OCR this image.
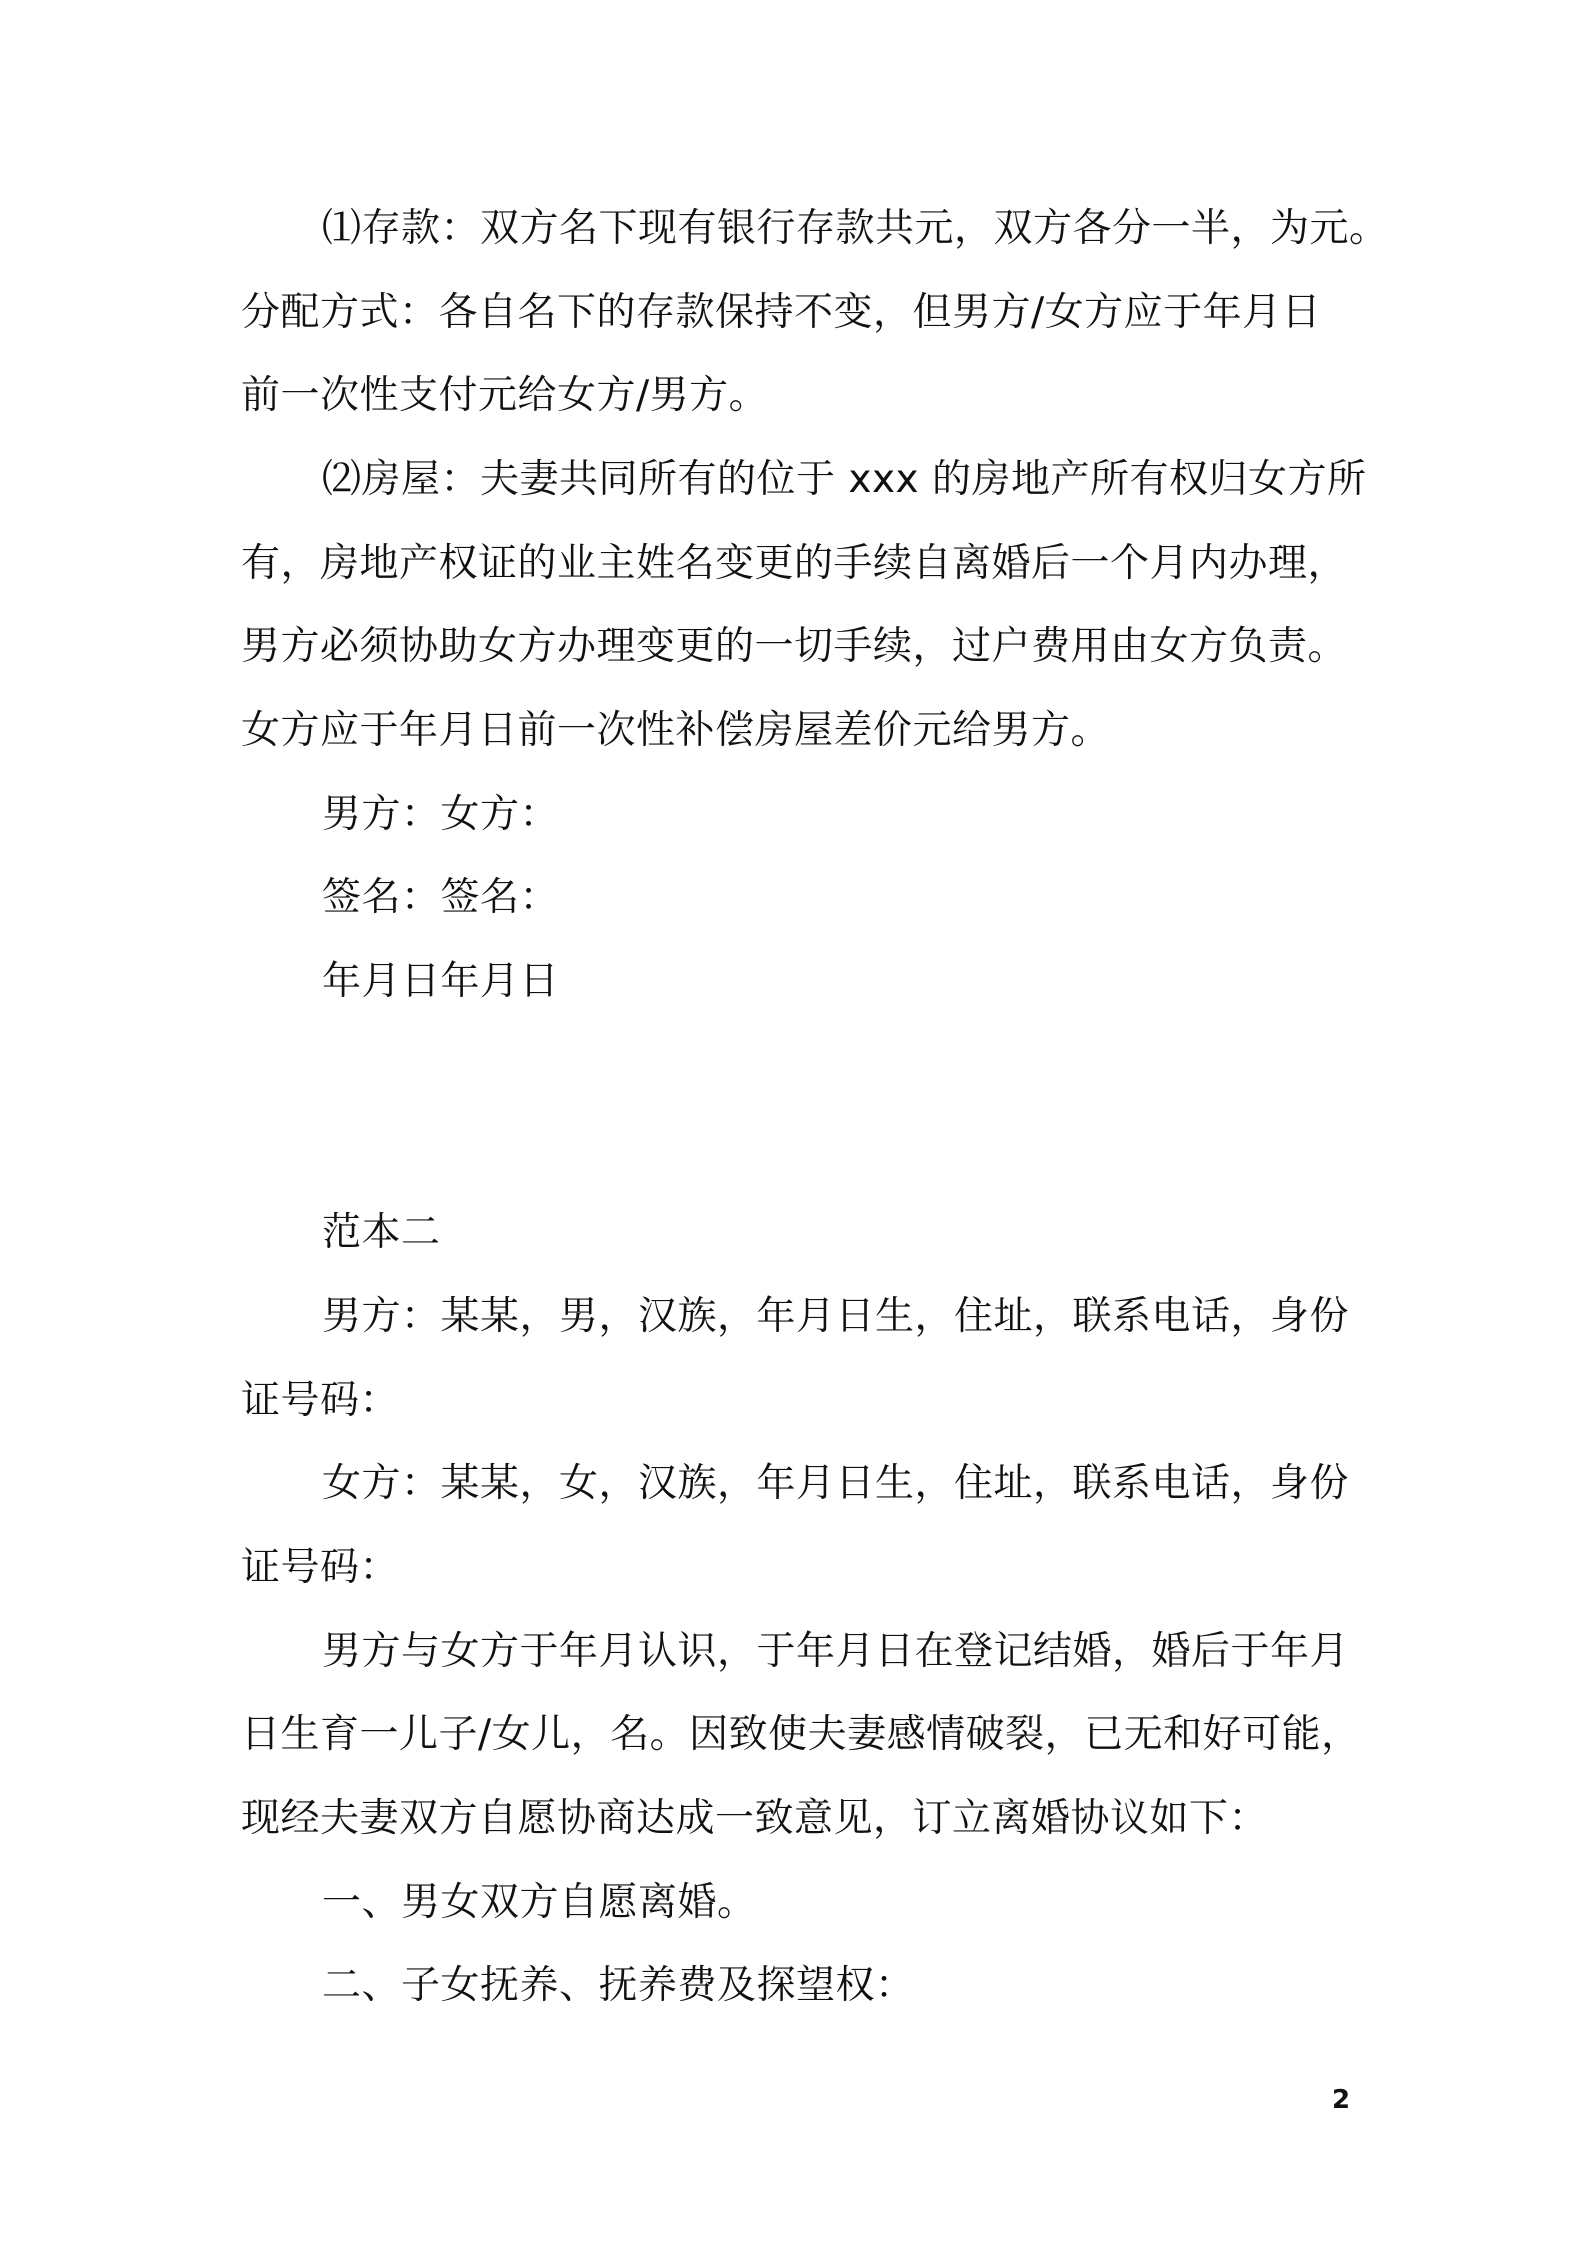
⑴存款：双方名下现有银行存款共元，双方各分一半，为元。
分配方式：各自名下的存款保持不变，但男方/女方应于年月日
前一次性支付元给女方/男方。
⑵房屋：夫妻共同所有的位于 xxx 的房地产所有权归女方所
有，房地产权证的业主姓名变更的手续自离婚后一个月内办理，
男方必须协助女方办理变更的一切手续，过户费用由女方负责。
女方应于年月日前一次性补偿房屋差价元给男方。
男方：女方：
签名：签名：
年月日年月日
范本二
男方：某某，男，汉族，年月日生，住址，联系电话，身份
证号码：
女方：某某，女，汉族，年月日生，住址，联系电话，身份
证号码：
男方与女方于年月认识，于年月日在登记结婚，婚后于年月
日生育一儿子/女儿，名。因致使夫妻感情破裂，已无和好可能，
现经夫妻双方自愿协商达成一致意见，订立离婚协议如下：
一、男女双方自愿离婚。
二、子女抚养、抚养费及探望权：
2
